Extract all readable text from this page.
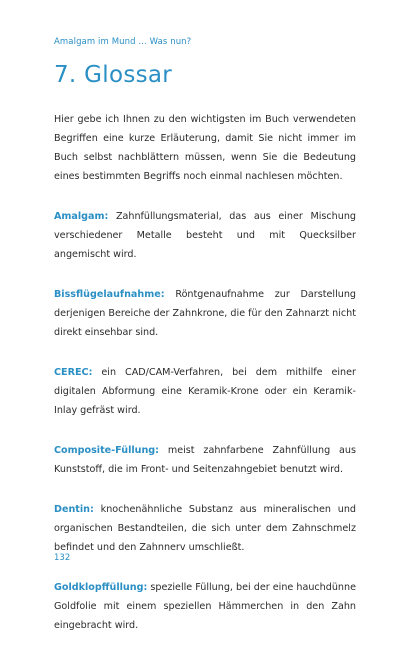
Amalgam im Mund ... Was nun?
7. Glossar

Hier gebe ich Ihnen zu den wichtigsten im Buch verwendeten Begriffen eine kurze Erläuterung, damit Sie nicht immer im Buch selbst nachblättern müssen, wenn Sie die Bedeutung eines bestimmten Begriffs noch einmal nachlesen möchten.

Amalgam: Zahnfüllungsmaterial, das aus einer Mischung verschiedener Metalle besteht und mit Quecksilber angemischt wird.

Bissflügelaufnahme: Röntgenaufnahme zur Darstellung derjenigen Bereiche der Zahnkrone, die für den Zahnarzt nicht direkt einsehbar sind.

CEREC: ein CAD/CAM-Verfahren, bei dem mithilfe einer digitalen Abformung eine Keramik-Krone oder ein Keramik-Inlay gefräst wird.

Composite-Füllung: meist zahnfarbene Zahnfüllung aus Kunststoff, die im Front- und Seitenzahngebiet benutzt wird.

Dentin: knochenähnliche Substanz aus mineralischen und organischen Bestandteilen, die sich unter dem Zahnschmelz befindet und den Zahnnerv umschließt.

Goldklopffüllung: spezielle Füllung, bei der eine hauchdünne Goldfolie mit einem speziellen Hämmerchen in den Zahn eingebracht wird.

132
